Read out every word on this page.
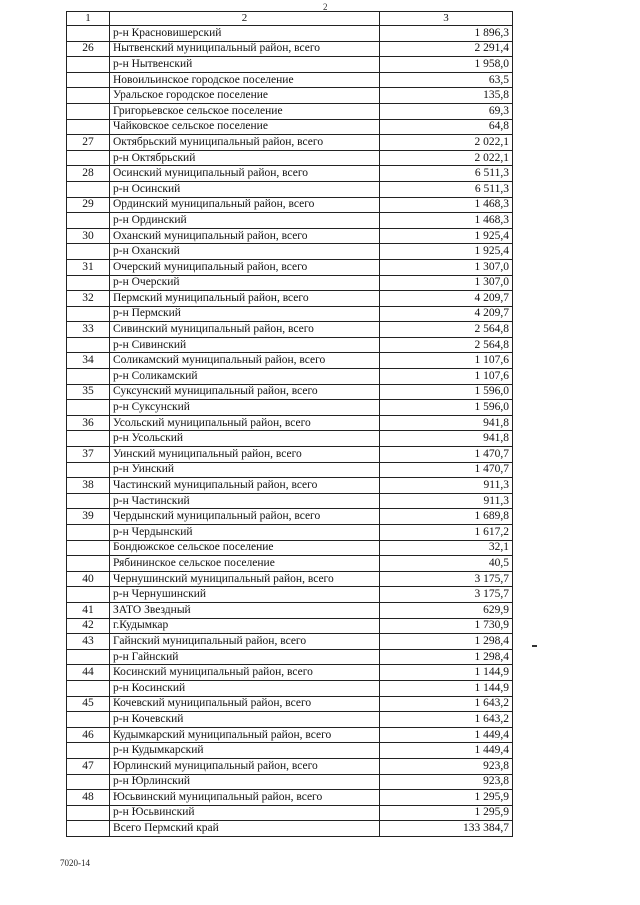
2
1	2	3
	р-н Красновишерский	1 896,3
26	Нытвенский муниципальный район, всего	2 291,4
	р-н Нытвенский	1 958,0
	Новоильинское городское поселение	63,5
	Уральское городское поселение	135,8
	Григорьевское сельское поселение	69,3
	Чайковское сельское поселение	64,8
27	Октябрьский муниципальный район, всего	2 022,1
	р-н Октябрьский	2 022,1
28	Осинский муниципальный район, всего	6 511,3
	р-н Осинский	6 511,3
29	Ординский муниципальный район, всего	1 468,3
	р-н Ординский	1 468,3
30	Оханский муниципальный район, всего	1 925,4
	р-н Оханский	1 925,4
31	Очерский муниципальный район, всего	1 307,0
	р-н Очерский	1 307,0
32	Пермский муниципальный район, всего	4 209,7
	р-н Пермский	4 209,7
33	Сивинский муниципальный район, всего	2 564,8
	р-н Сивинский	2 564,8
34	Соликамский муниципальный район, всего	1 107,6
	р-н Соликамский	1 107,6
35	Суксунский муниципальный район, всего	1 596,0
	р-н Суксунский	1 596,0
36	Усольский муниципальный район, всего	941,8
	р-н Усольский	941,8
37	Уинский муниципальный район, всего	1 470,7
	р-н Уинский	1 470,7
38	Частинский муниципальный район, всего	911,3
	р-н Частинский	911,3
39	Чердынский муниципальный район, всего	1 689,8
	р-н Чердынский	1 617,2
	Бондюжское сельское поселение	32,1
	Рябининское сельское поселение	40,5
40	Чернушинский муниципальный район, всего	3 175,7
	р-н Чернушинский	3 175,7
41	ЗАТО Звездный	629,9
42	г.Кудымкар	1 730,9
43	Гайнский муниципальный район, всего	1 298,4
	р-н Гайнский	1 298,4
44	Косинский муниципальный район, всего	1 144,9
	р-н Косинский	1 144,9
45	Кочевский муниципальный район, всего	1 643,2
	р-н Кочевский	1 643,2
46	Кудымкарский муниципальный район, всего	1 449,4
	р-н Кудымкарский	1 449,4
47	Юрлинский муниципальный район, всего	923,8
	р-н Юрлинский	923,8
48	Юсьвинский муниципальный район, всего	1 295,9
	р-н Юсьвинский	1 295,9
	Всего Пермский край	133 384,7
7020-14
